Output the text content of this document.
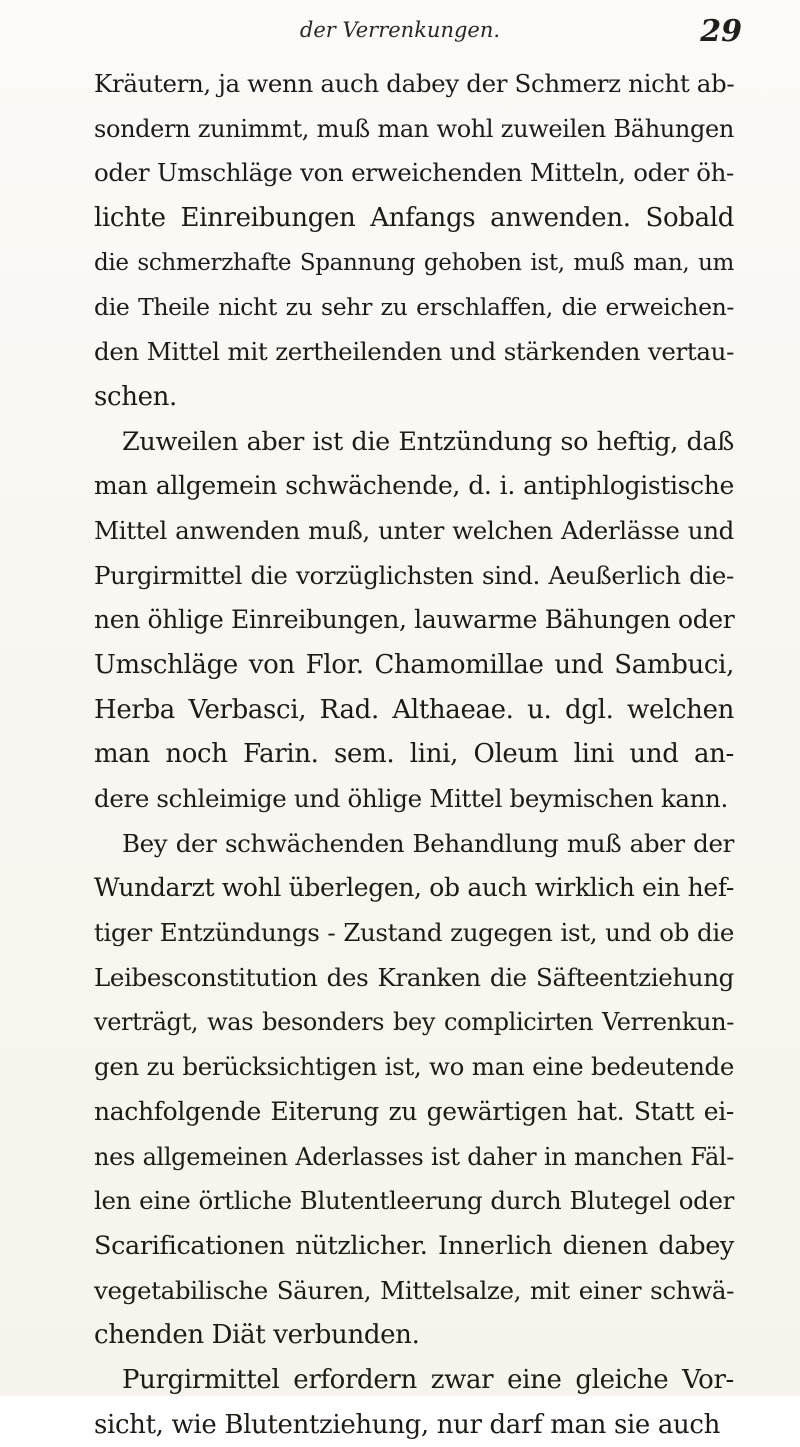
der Verrenkungen.	29
Kräutern, ja wenn auch dabey der Schmerz nicht ab-
sondern zunimmt, muß man wohl zuweilen Bähungen
oder Umschläge von erweichenden Mitteln, oder öh-
lichte Einreibungen Anfangs anwenden. Sobald
die schmerzhafte Spannung gehoben ist, muß man, um
die Theile nicht zu sehr zu erschlaffen, die erweichen-
den Mittel mit zertheilenden und stärkenden vertau-
schen.
Zuweilen aber ist die Entzündung so heftig, daß
man allgemein schwächende, d. i. antiphlogistische
Mittel anwenden muß, unter welchen Aderlässe und
Purgirmittel die vorzüglichsten sind. Aeußerlich die-
nen öhlige Einreibungen, lauwarme Bähungen oder
Umschläge von Flor. Chamomillae und Sambuci,
Herba Verbasci, Rad. Althaeae. u. dgl. welchen
man noch Farin. sem. lini, Oleum lini und an-
dere schleimige und öhlige Mittel beymischen kann.
Bey der schwächenden Behandlung muß aber der
Wundarzt wohl überlegen, ob auch wirklich ein hef-
tiger Entzündungs - Zustand zugegen ist, und ob die
Leibesconstitution des Kranken die Säfteentziehung
verträgt, was besonders bey complicirten Verrenkun-
gen zu berücksichtigen ist, wo man eine bedeutende
nachfolgende Eiterung zu gewärtigen hat. Statt ei-
nes allgemeinen Aderlasses ist daher in manchen Fäl-
len eine örtliche Blutentleerung durch Blutegel oder
Scarificationen nützlicher. Innerlich dienen dabey
vegetabilische Säuren, Mittelsalze, mit einer schwä-
chenden Diät verbunden.
Purgirmittel erfordern zwar eine gleiche Vor-
sicht, wie Blutentziehung, nur darf man sie auch
